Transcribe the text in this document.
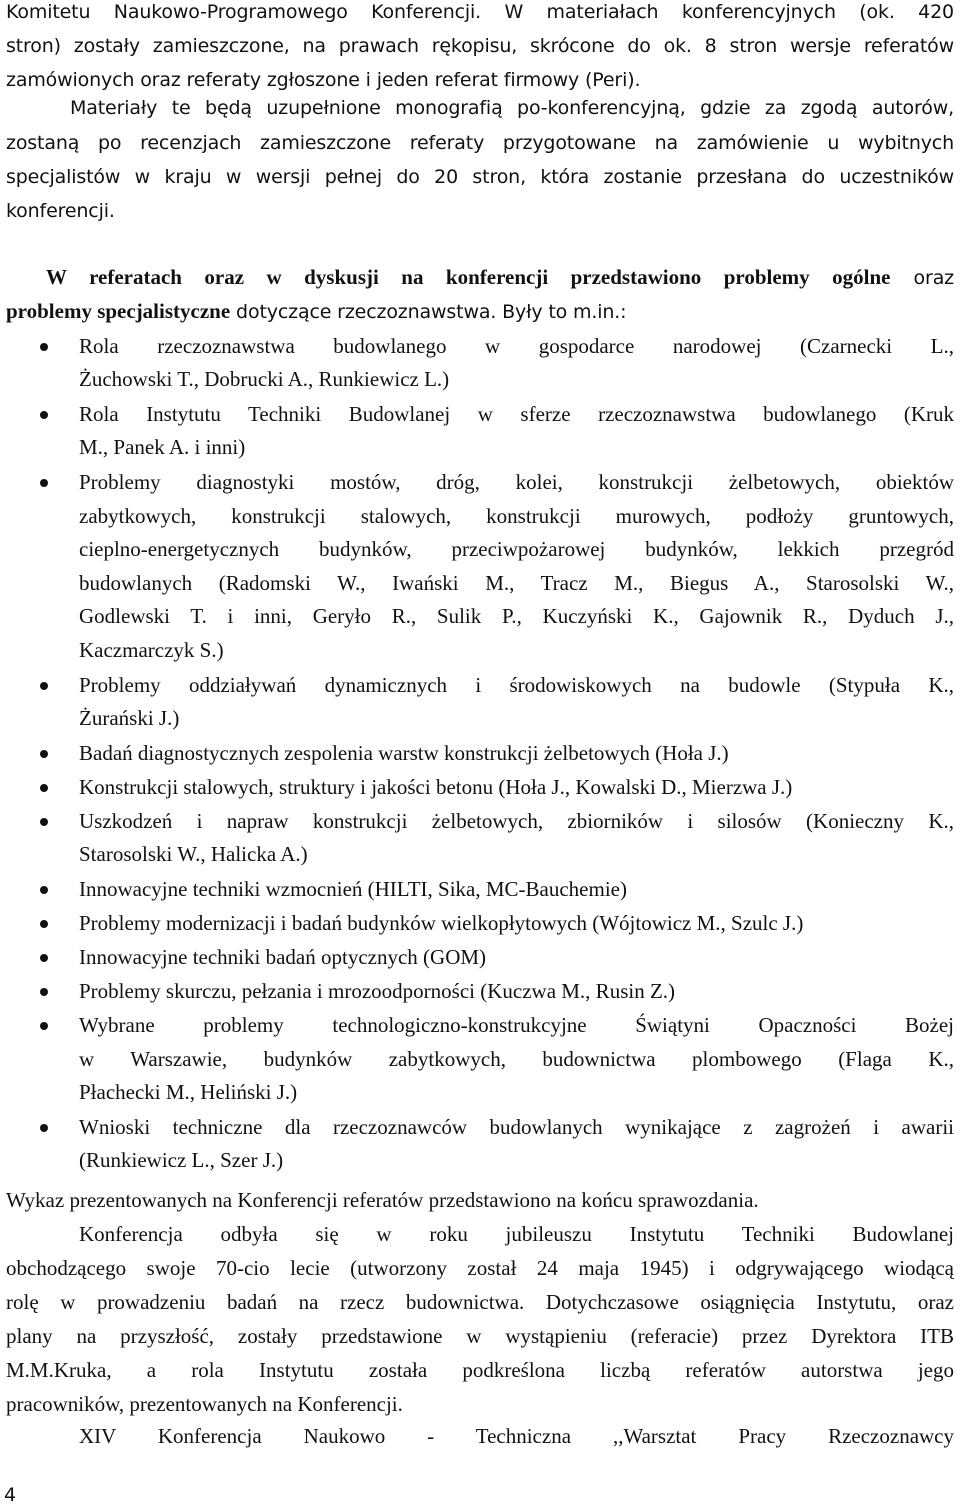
Komitetu Naukowo-Programowego Konferencji. W materiałach konferencyjnych (ok. 420
stron) zostały zamieszczone, na prawach rękopisu, skrócone do ok. 8 stron wersje referatów
zamówionych oraz referaty zgłoszone i jeden referat firmowy (Peri).
Materiały te będą uzupełnione monografią po-konferencyjną, gdzie za zgodą autorów,
zostaną po recenzjach zamieszczone referaty przygotowane na zamówienie u wybitnych
specjalistów w kraju w wersji pełnej do 20 stron, która zostanie przesłana do uczestników
konferencji.
W referatach oraz w dyskusji na konferencji przedstawiono problemy ogólne oraz
problemy specjalistyczne dotyczące rzeczoznawstwa. Były to m.in.:
Rola rzeczoznawstwa budowlanego w gospodarce narodowej (Czarnecki L.,
Żuchowski T., Dobrucki A., Runkiewicz L.)
Rola Instytutu Techniki Budowlanej w sferze rzeczoznawstwa budowlanego (Kruk
M., Panek A. i inni)
Problemy diagnostyki mostów, dróg, kolei, konstrukcji żelbetowych, obiektów
zabytkowych, konstrukcji stalowych, konstrukcji murowych, podłoży gruntowych,
cieplno-energetycznych budynków, przeciwpożarowej budynków, lekkich przegród
budowlanych (Radomski W., Iwański M., Tracz M., Biegus A., Starosolski W.,
Godlewski T. i inni, Geryło R., Sulik P., Kuczyński K., Gajownik R., Dyduch J.,
Kaczmarczyk S.)
Problemy oddziaływań dynamicznych i środowiskowych na budowle (Stypuła K.,
Żurański J.)
Badań diagnostycznych zespolenia warstw konstrukcji żelbetowych (Hoła J.)
Konstrukcji stalowych, struktury i jakości betonu (Hoła J., Kowalski D., Mierzwa J.)
Uszkodzeń i napraw konstrukcji żelbetowych, zbiorników i silosów (Konieczny K.,
Starosolski W., Halicka A.)
Innowacyjne techniki wzmocnień (HILTI, Sika, MC-Bauchemie)
Problemy modernizacji i badań budynków wielkopłytowych (Wójtowicz M., Szulc J.)
Innowacyjne techniki badań optycznych (GOM)
Problemy skurczu, pełzania i mrozoodporności (Kuczwa M., Rusin Z.)
Wybrane problemy technologiczno-konstrukcyjne Świątyni Opaczności Bożej
w Warszawie, budynków zabytkowych, budownictwa plombowego (Flaga K.,
Płachecki M., Heliński J.)
Wnioski techniczne dla rzeczoznawców budowlanych wynikające z zagrożeń i awarii
(Runkiewicz L., Szer J.)
Wykaz prezentowanych na Konferencji referatów przedstawiono na końcu sprawozdania.
Konferencja odbyła się w roku jubileuszu Instytutu Techniki Budowlanej
obchodzącego swoje 70-cio lecie (utworzony został 24 maja 1945) i odgrywającego wiodącą
rolę w prowadzeniu badań na rzecz budownictwa. Dotychczasowe osiągnięcia Instytutu, oraz
plany na przyszłość, zostały przedstawione w wystąpieniu (referacie) przez Dyrektora ITB
M.M.Kruka, a rola Instytutu została podkreślona liczbą referatów autorstwa jego
pracowników, prezentowanych na Konferencji.
XIV Konferencja Naukowo - Techniczna ,,Warsztat Pracy Rzeczoznawcy
4
